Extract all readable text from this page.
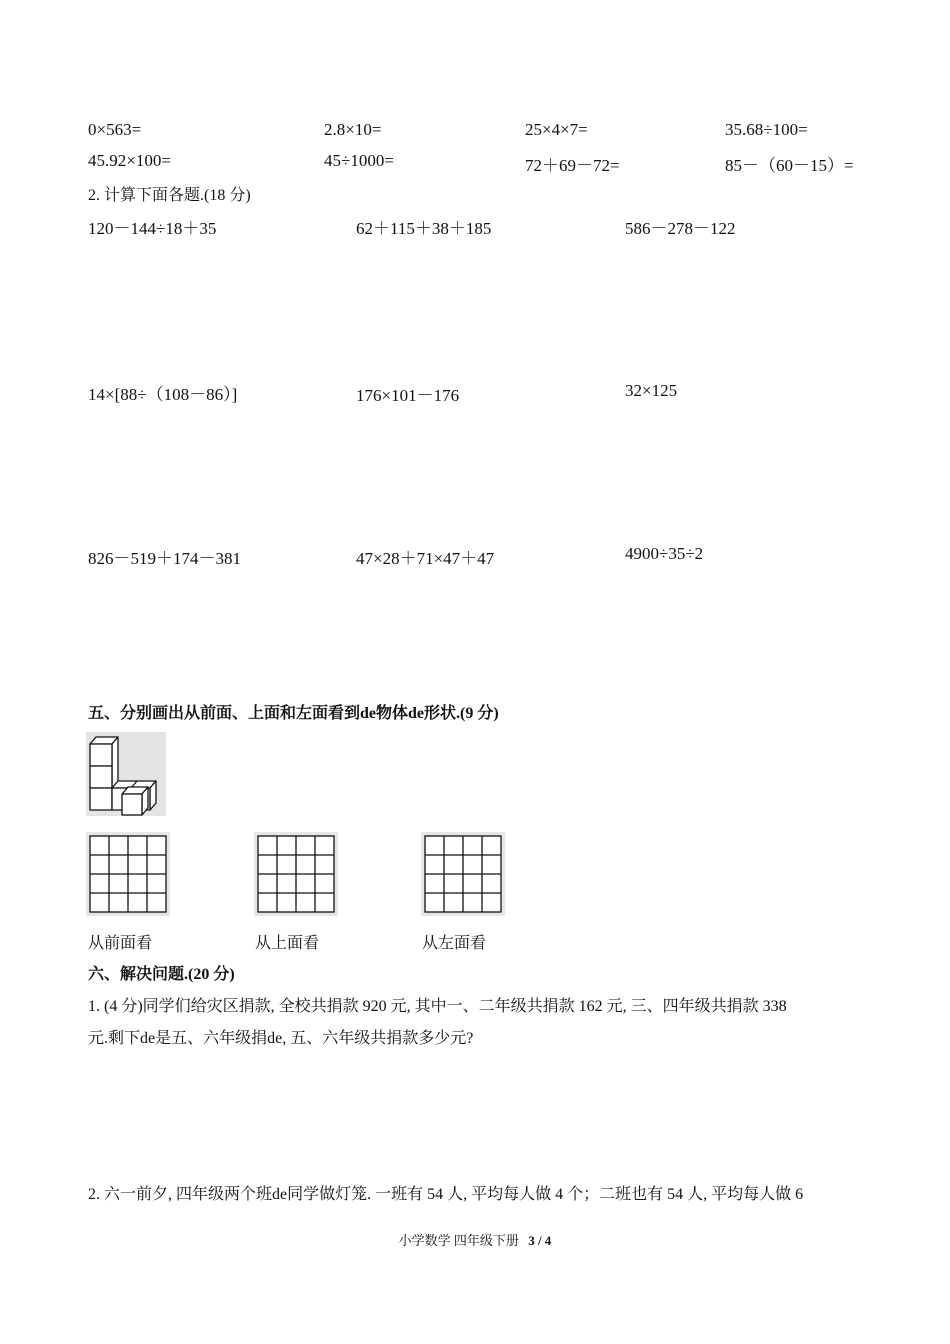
0×563=	2.8×10=	25×4×7=	35.68÷100=
45.92×100=	45÷1000=	72＋69－72=	85－（60－15）=
2. 计算下面各题.(18 分)
120－144÷18＋35	62＋115＋38＋185	586－278－122
14×[88÷（108－86）]	176×101－176	32×125
826－519＋174－381	47×28＋71×47＋47	4900÷35÷2
五、分别画出从前面、上面和左面看到de物体de形状.(9 分)
从前面看	从上面看	从左面看
六、解决问题.(20 分)
1. (4 分)同学们给灾区捐款, 全校共捐款 920 元, 其中一、二年级共捐款 162 元, 三、四年级共捐款 338
元.剩下de是五、六年级捐de, 五、六年级共捐款多少元?
2. 六一前夕, 四年级两个班de同学做灯笼. 一班有 54 人, 平均每人做 4 个；二班也有 54 人, 平均每人做 6
小学数学 四年级下册 3 / 4
